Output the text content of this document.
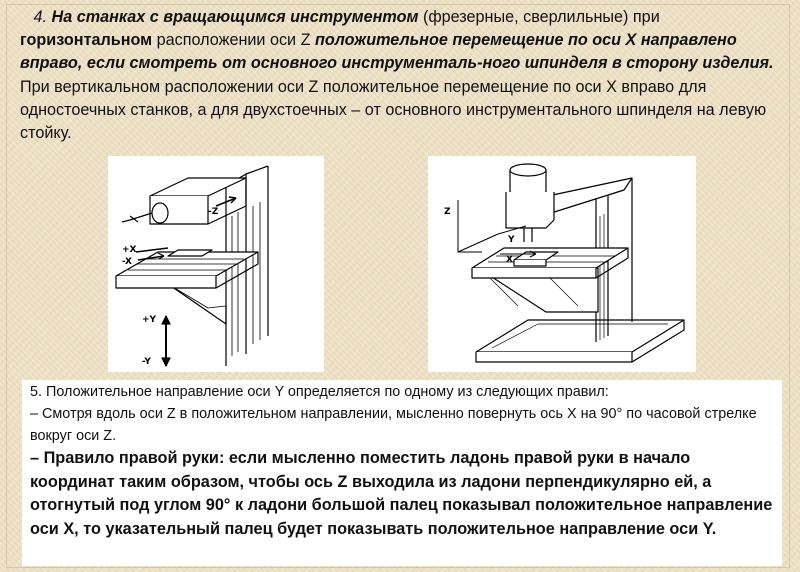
4. На станках с вращающимся инструментом (фрезерные, сверлильные) при горизонтальном расположении оси Z положительное перемещение по оси X направлено вправо, если смотреть от основного инструменталь-ного шпинделя в сторону изделия. При вертикальном расположении оси Z положительное перемещение по оси X вправо для одностоечных станков, а для двухстоечных – от основного инструментального шпинделя на левую стойку.

-Z
+X
-X
+Y
-Y
Z
Y
X

5. Положительное направление оси Y определяется по одному из следующих правил:

– Смотря вдоль оси Z в положительном направлении, мысленно повернуть ось X на 90° по часовой стрелке вокруг оси Z.

– Правило правой руки: если мысленно поместить ладонь правой руки в начало координат таким образом, чтобы ось Z выходила из ладони перпендикулярно ей, а отогнутый под углом 90° к ладони большой палец показывал положительное направление оси X, то указательный палец будет показывать положительное направление оси Y.
